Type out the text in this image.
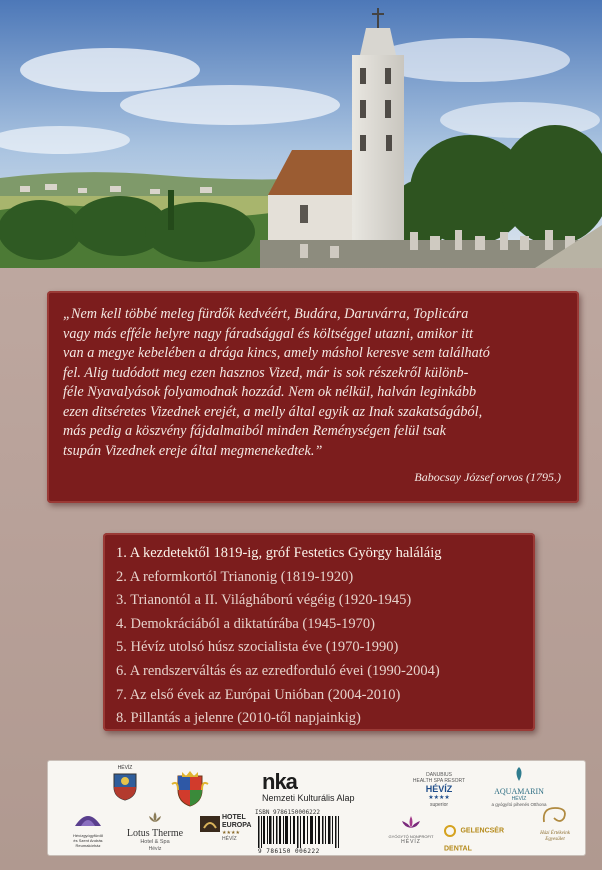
„Nem kell többé meleg fürdők kedvéért, Budára, Daruvárra, Toplicára
vagy más efféle helyre nagy fáradsággal és költséggel utazni, amikor itt
van a megye kebelében a drága kincs, amely máshol keresve sem található
fel. Alig tudódott meg ezen hasznos Vized, már is sok részekről különb-
féle Nyavalyások folyamodnak hozzád. Nem ok nélkül, halván leginkább
ezen ditséretes Vizednek erejét, a melly által egyik az Inak szakatságából,
más pedig a köszvény fájdalmaiból minden Reménységen felül tsak
tsupán Vizednek ereje által megmenekedtek.”

Babocsay József orvos (1795.)
1. A kezdetektől 1819-ig, gróf Festetics György haláláig
2. A reformkortól Trianonig (1819-1920)
3. Trianontól a II. Világháború végéig (1920-1945)
4. Demokráciából a diktatúrába (1945-1970)
5. Hévíz utolsó húsz szocialista éve (1970-1990)
6. A rendszerváltás és az ezredforduló évei (1990-2004)
7. Az első évek az Európai Unióban (2004-2010)
8. Pillantás a jelenre (2010-től napjainkig)
HÉVÍZ
nka
Nemzeti Kulturális Alap
DANUBIUS
HEALTH SPA RESORT
HÉVÍZ
★★★★
superior
AQUAMARIN
HÉVÍZ
a gyógyító pihenés Otthona
Hévízgyógyfürdő
és Szent András Reumakórház
Lotus Therme
Hotel & Spa
Hévíz
HOTEL EUROPA
★★★★
HÉVÍZ
ISBN 9786150006222
9 786150 006222
GYÓGYTÓ NONPROFIT
HÉVÍZ
GELENCSÉR DENTAL
Házi Értékeink Egyesület
